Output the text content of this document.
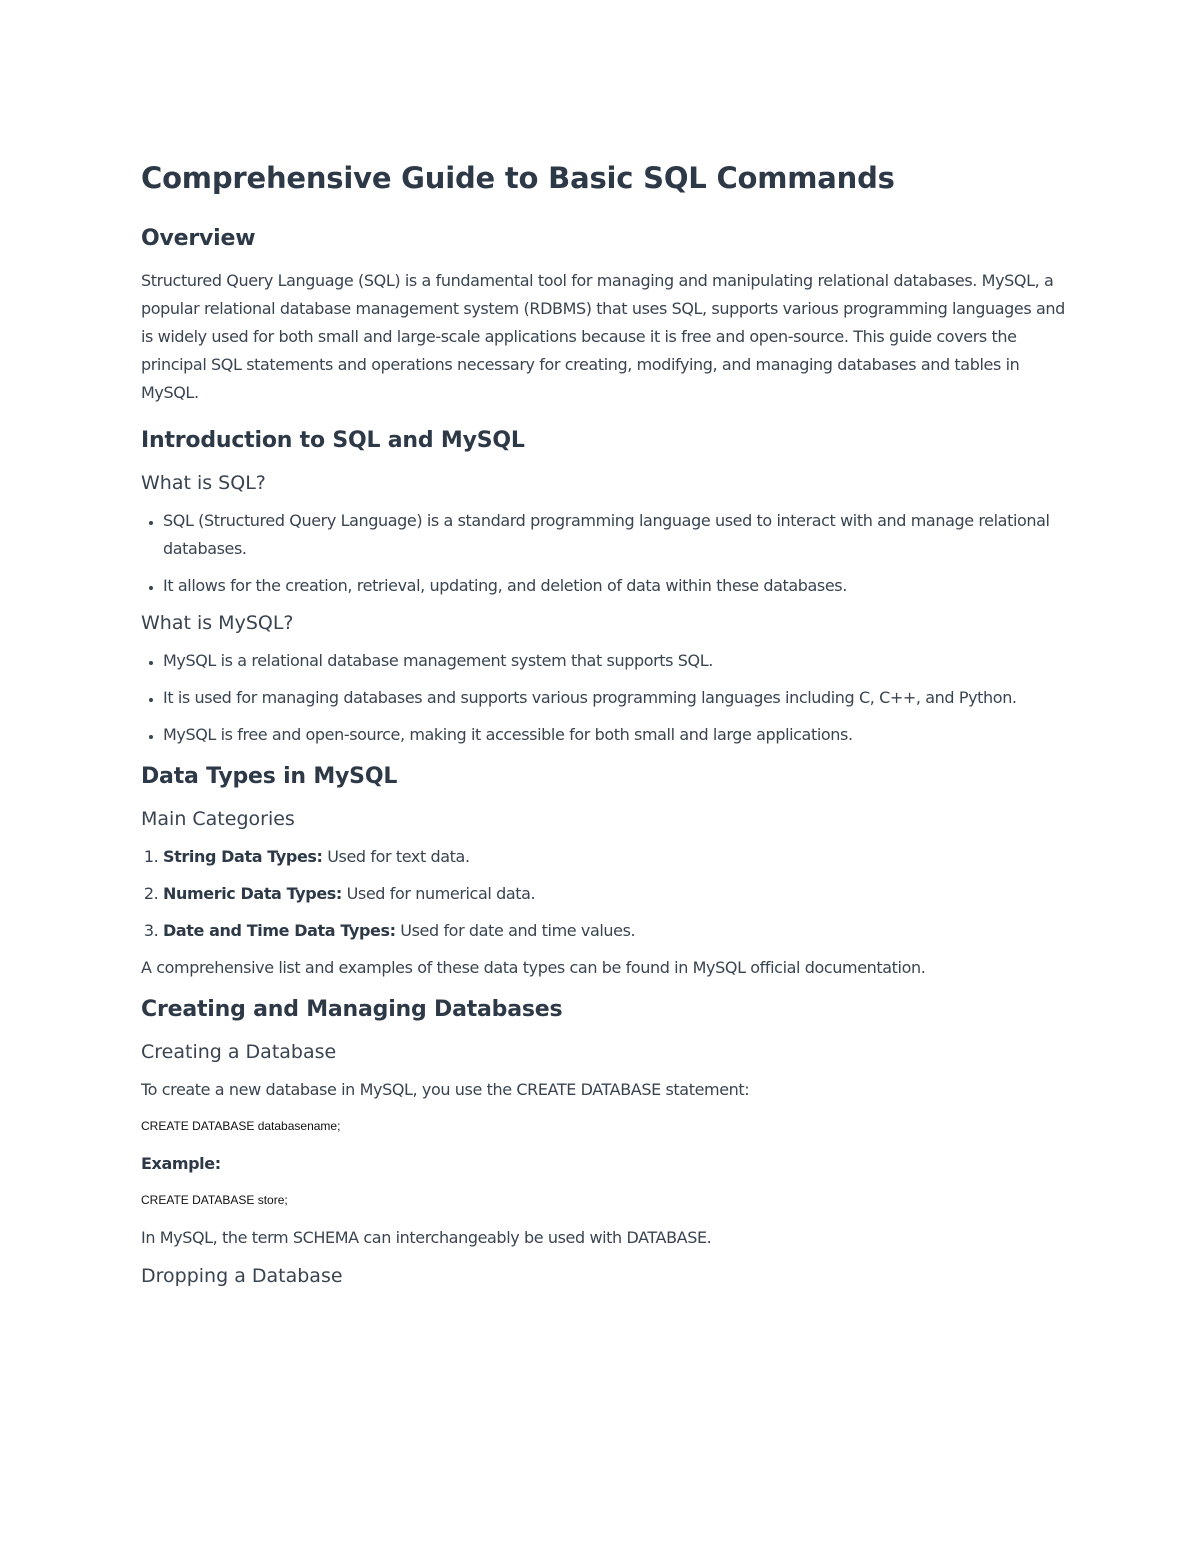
Comprehensive Guide to Basic SQL Commands
Overview

Structured Query Language (SQL) is a fundamental tool for managing and manipulating relational databases. MySQL, a popular relational database management system (RDBMS) that uses SQL, supports various programming languages and is widely used for both small and large-scale applications because it is free and open-source. This guide covers the principal SQL statements and operations necessary for creating, modifying, and managing databases and tables in MySQL.

Introduction to SQL and MySQL
What is SQL?
• SQL (Structured Query Language) is a standard programming language used to interact with and manage relational databases.
• It allows for the creation, retrieval, updating, and deletion of data within these databases.
What is MySQL?
• MySQL is a relational database management system that supports SQL.
• It is used for managing databases and supports various programming languages including C, C++, and Python.
• MySQL is free and open-source, making it accessible for both small and large applications.
Data Types in MySQL
Main Categories
1. String Data Types: Used for text data.
2. Numeric Data Types: Used for numerical data.
3. Date and Time Data Types: Used for date and time values.

A comprehensive list and examples of these data types can be found in MySQL official documentation.

Creating and Managing Databases
Creating a Database

To create a new database in MySQL, you use the CREATE DATABASE statement:

CREATE DATABASE databasename;

Example:

CREATE DATABASE store;

In MySQL, the term SCHEMA can interchangeably be used with DATABASE.

Dropping a Database
